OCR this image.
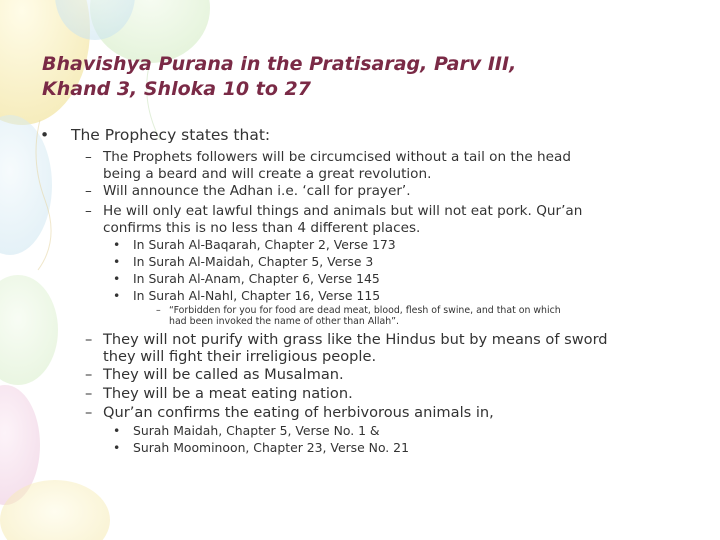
Bhavishya Purana in the Pratisarag, Parv III,
Khand 3, Shloka 10 to 27
• The Prophecy states that:
– The Prophets followers will be circumcised without a tail on the head
being a beard and will create a great revolution.
– Will announce the Adhan i.e. ‘call for prayer’.
– He will only eat lawful things and animals but will not eat pork. Qur’an
confirms this is no less than 4 different places.
• In Surah Al-Baqarah, Chapter 2, Verse 173
• In Surah Al-Maidah, Chapter 5, Verse 3
• In Surah Al-Anam, Chapter 6, Verse 145
• In Surah Al-Nahl, Chapter 16, Verse 115
– “Forbidden for you for food are dead meat, blood, flesh of swine, and that on which
had been invoked the name of other than Allah”.
– They will not purify with grass like the Hindus but by means of sword
they will fight their irreligious people.
– They will be called as Musalman.
– They will be a meat eating nation.
– Qur’an confirms the eating of herbivorous animals in,
• Surah Maidah, Chapter 5, Verse No. 1 &
• Surah Moominoon, Chapter 23, Verse No. 21
